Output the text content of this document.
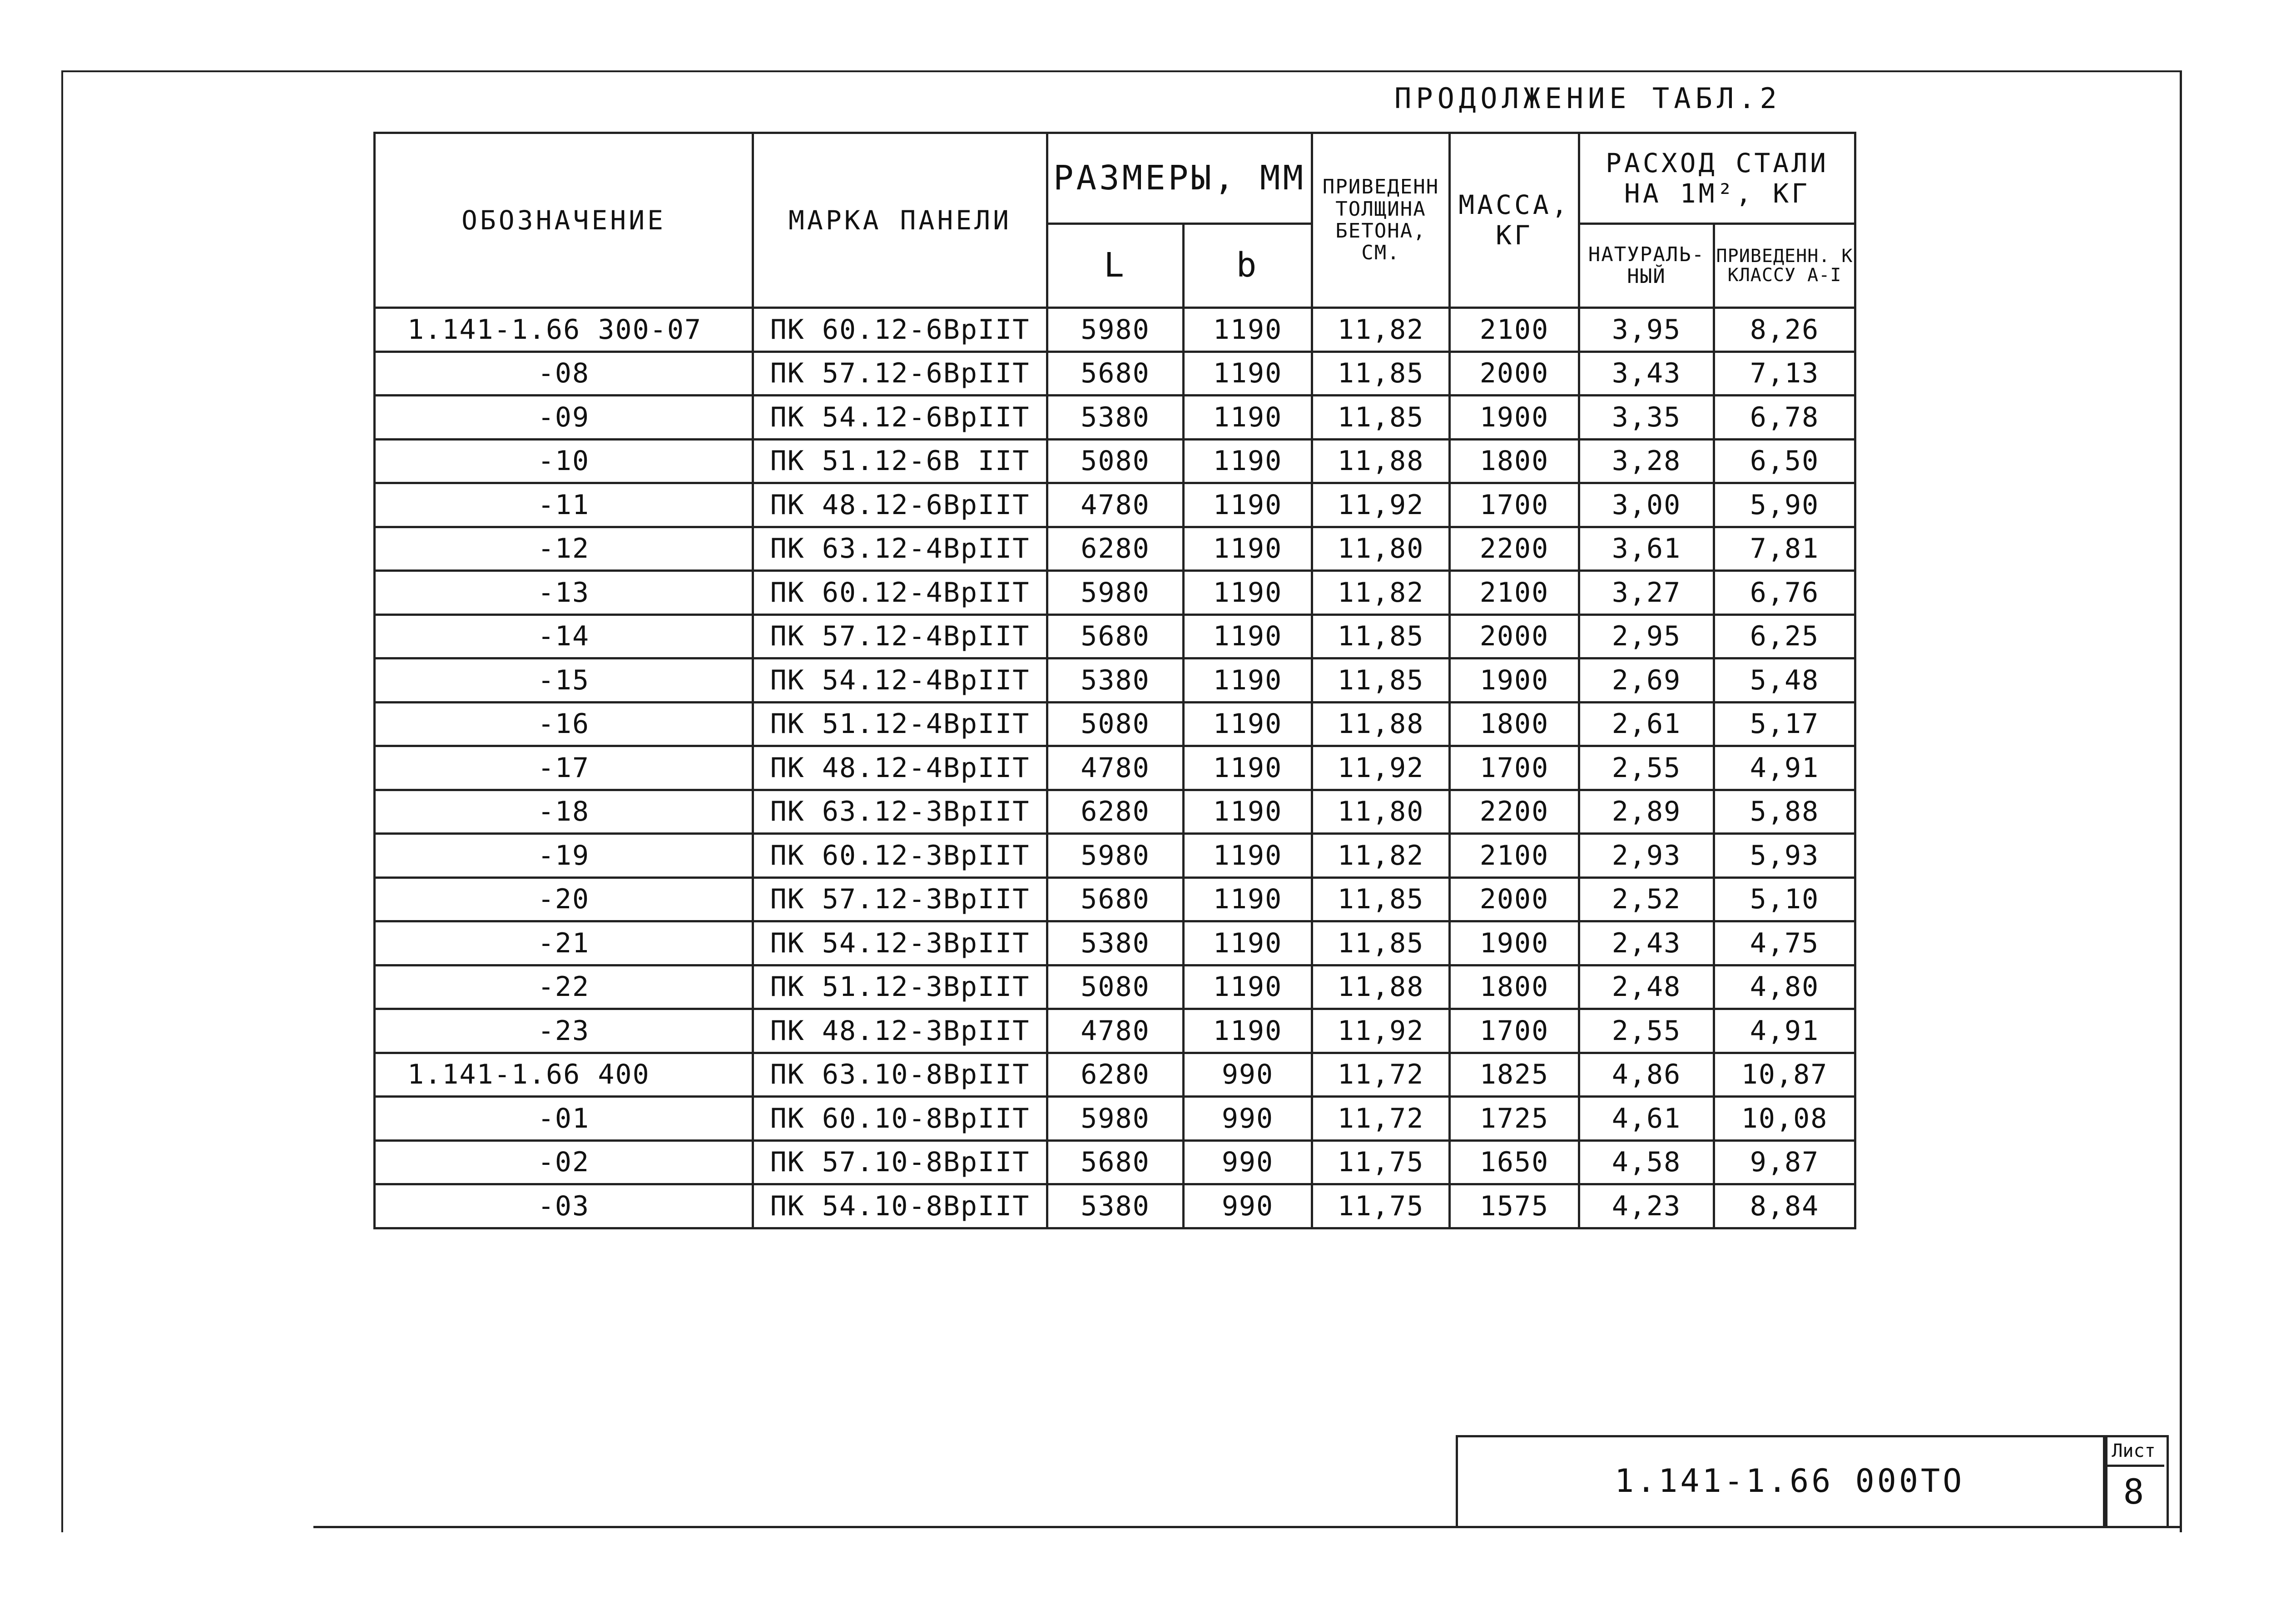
ПРОДОЛЖЕНИЕ ТАБЛ.2
ОБОЗНАЧЕНИЕ	МАРКА ПАНЕЛИ	РАЗМЕРЫ, ММ		ПРИВЕДЕНН ТОЛЩИНА БЕТОНА, СМ.	МАССА, КГ	РАСХОД СТАЛИ НА 1М², КГ	
		L	b			НАТУРАЛЬ- НЫЙ	ПРИВЕДЕНН. К КЛАССУ А-I
1.141-1.66 300-07	ПК 60.12-6ВрIIТ	5980	1190	11,82	2100	3,95	8,26
-08	ПК 57.12-6ВрIIТ	5680	1190	11,85	2000	3,43	7,13
-09	ПК 54.12-6ВрIIТ	5380	1190	11,85	1900	3,35	6,78
-10	ПК 51.12-6В IIТ	5080	1190	11,88	1800	3,28	6,50
-11	ПК 48.12-6ВрIIТ	4780	1190	11,92	1700	3,00	5,90
-12	ПК 63.12-4ВрIIТ	6280	1190	11,80	2200	3,61	7,81
-13	ПК 60.12-4ВрIIТ	5980	1190	11,82	2100	3,27	6,76
-14	ПК 57.12-4ВрIIТ	5680	1190	11,85	2000	2,95	6,25
-15	ПК 54.12-4ВрIIТ	5380	1190	11,85	1900	2,69	5,48
-16	ПК 51.12-4ВрIIТ	5080	1190	11,88	1800	2,61	5,17
-17	ПК 48.12-4ВрIIТ	4780	1190	11,92	1700	2,55	4,91
-18	ПК 63.12-3ВрIIТ	6280	1190	11,80	2200	2,89	5,88
-19	ПК 60.12-3ВрIIТ	5980	1190	11,82	2100	2,93	5,93
-20	ПК 57.12-3ВрIIТ	5680	1190	11,85	2000	2,52	5,10
-21	ПК 54.12-3ВрIIТ	5380	1190	11,85	1900	2,43	4,75
-22	ПК 51.12-3ВрIIТ	5080	1190	11,88	1800	2,48	4,80
-23	ПК 48.12-3ВрIIТ	4780	1190	11,92	1700	2,55	4,91
1.141-1.66 400	ПК 63.10-8ВрIIТ	6280	990	11,72	1825	4,86	10,87
-01	ПК 60.10-8ВрIIТ	5980	990	11,72	1725	4,61	10,08
-02	ПК 57.10-8ВрIIТ	5680	990	11,75	1650	4,58	9,87
-03	ПК 54.10-8ВрIIТ	5380	990	11,75	1575	4,23	8,84
1.141-1.66 000ТО
Лист
8
